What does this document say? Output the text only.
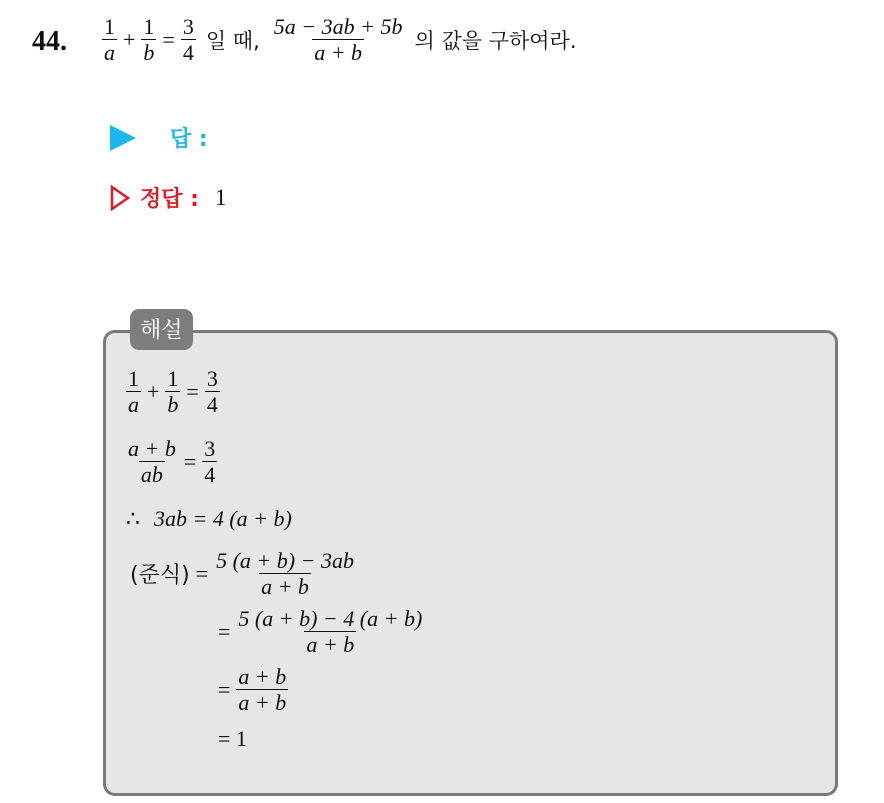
44. $\frac{1}{a} + \frac{1}{b} = \frac{3}{4}$ 일 때, $\frac{5a - 3ab + 5b}{a + b}$ 의 값을 구하여라.
답 :
정답 : 1
해설
$\frac{1}{a} + \frac{1}{b} = \frac{3}{4}$
$\frac{a + b}{ab} = \frac{3}{4}$
∴ 3ab = 4 (a + b)
(준식) = $\frac{5 (a + b) - 3ab}{a + b}$
= $\frac{5 (a + b) - 4 (a + b)}{a + b}$
= $\frac{a + b}{a + b}$
= 1
